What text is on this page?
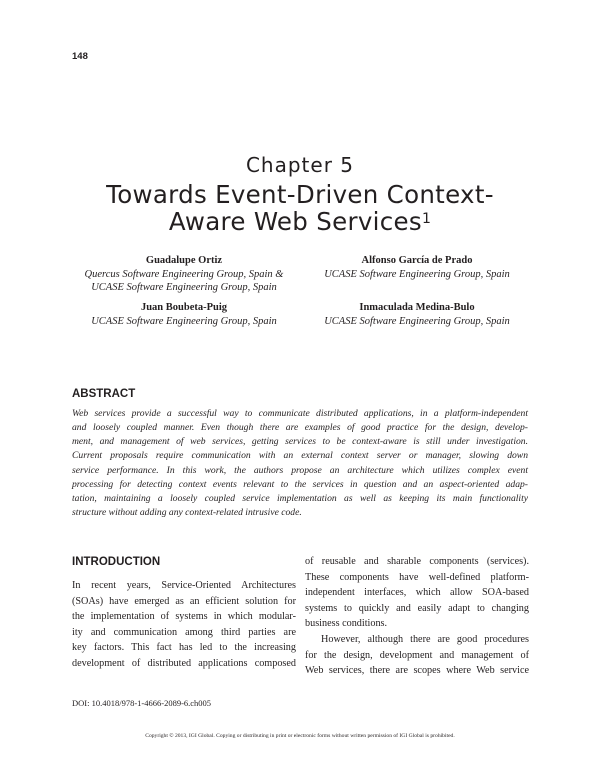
148
Chapter 5
Towards Event-Driven Context-
Aware Web Services$^1$
Guadalupe Ortiz
Quercus Software Engineering Group, Spain &
UCASE Software Engineering Group, Spain
Alfonso García de Prado
UCASE Software Engineering Group, Spain
Juan Boubeta-Puig
UCASE Software Engineering Group, Spain
Inmaculada Medina-Bulo
UCASE Software Engineering Group, Spain
ABSTRACT
Web services provide a successful way to communicate distributed applications, in a platform-independent
and loosely coupled manner. Even though there are examples of good practice for the design, develop-
ment, and management of web services, getting services to be context-aware is still under investigation.
Current proposals require communication with an external context server or manager, slowing down
service performance. In this work, the authors propose an architecture which utilizes complex event
processing for detecting context events relevant to the services in question and an aspect-oriented adap-
tation, maintaining a loosely coupled service implementation as well as keeping its main functionality
structure without adding any context-related intrusive code.
INTRODUCTION
In recent years, Service-Oriented Architectures
(SOAs) have emerged as an efficient solution for
the implementation of systems in which modular-
ity and communication among third parties are
key factors. This fact has led to the increasing
development of distributed applications composed
of reusable and sharable components (services).
These components have well-defined platform-
independent interfaces, which allow SOA-based
systems to quickly and easily adapt to changing
business conditions.
However, although there are good procedures
for the design, development and management of
Web services, there are scopes where Web service
DOI: 10.4018/978-1-4666-2089-6.ch005
Copyright © 2013, IGI Global. Copying or distributing in print or electronic forms without written permission of IGI Global is prohibited.
